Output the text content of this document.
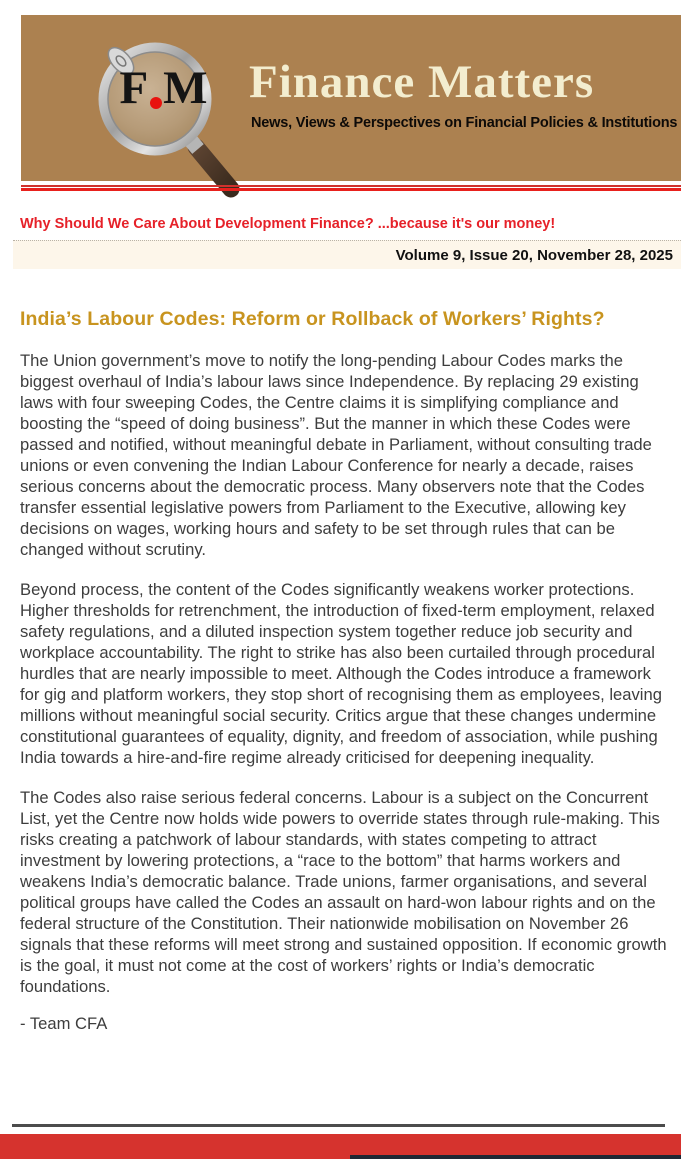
F M Finance Matters
News, Views & Perspectives on Financial Policies & Institutions
Why Should We Care About Development Finance? ...because it's our money!
Volume 9, Issue 20, November 28, 2025
India’s Labour Codes: Reform or Rollback of Workers’ Rights?

The Union government’s move to notify the long-pending Labour Codes marks the biggest overhaul of India’s labour laws since Independence. By replacing 29 existing laws with four sweeping Codes, the Centre claims it is simplifying compliance and boosting the “speed of doing business”. But the manner in which these Codes were passed and notified, without meaningful debate in Parliament, without consulting trade unions or even convening the Indian Labour Conference for nearly a decade, raises serious concerns about the democratic process. Many observers note that the Codes transfer essential legislative powers from Parliament to the Executive, allowing key decisions on wages, working hours and safety to be set through rules that can be changed without scrutiny.

Beyond process, the content of the Codes significantly weakens worker protections. Higher thresholds for retrenchment, the introduction of fixed-term employment, relaxed safety regulations, and a diluted inspection system together reduce job security and workplace accountability. The right to strike has also been curtailed through procedural hurdles that are nearly impossible to meet. Although the Codes introduce a framework for gig and platform workers, they stop short of recognising them as employees, leaving millions without meaningful social security. Critics argue that these changes undermine constitutional guarantees of equality, dignity, and freedom of association, while pushing India towards a hire-and-fire regime already criticised for deepening inequality.

The Codes also raise serious federal concerns. Labour is a subject on the Concurrent List, yet the Centre now holds wide powers to override states through rule-making. This risks creating a patchwork of labour standards, with states competing to attract investment by lowering protections, a “race to the bottom” that harms workers and weakens India’s democratic balance. Trade unions, farmer organisations, and several political groups have called the Codes an assault on hard-won labour rights and on the federal structure of the Constitution. Their nationwide mobilisation on November 26 signals that these reforms will meet strong and sustained opposition. If economic growth is the goal, it must not come at the cost of workers’ rights or India’s democratic foundations.

- Team CFA
